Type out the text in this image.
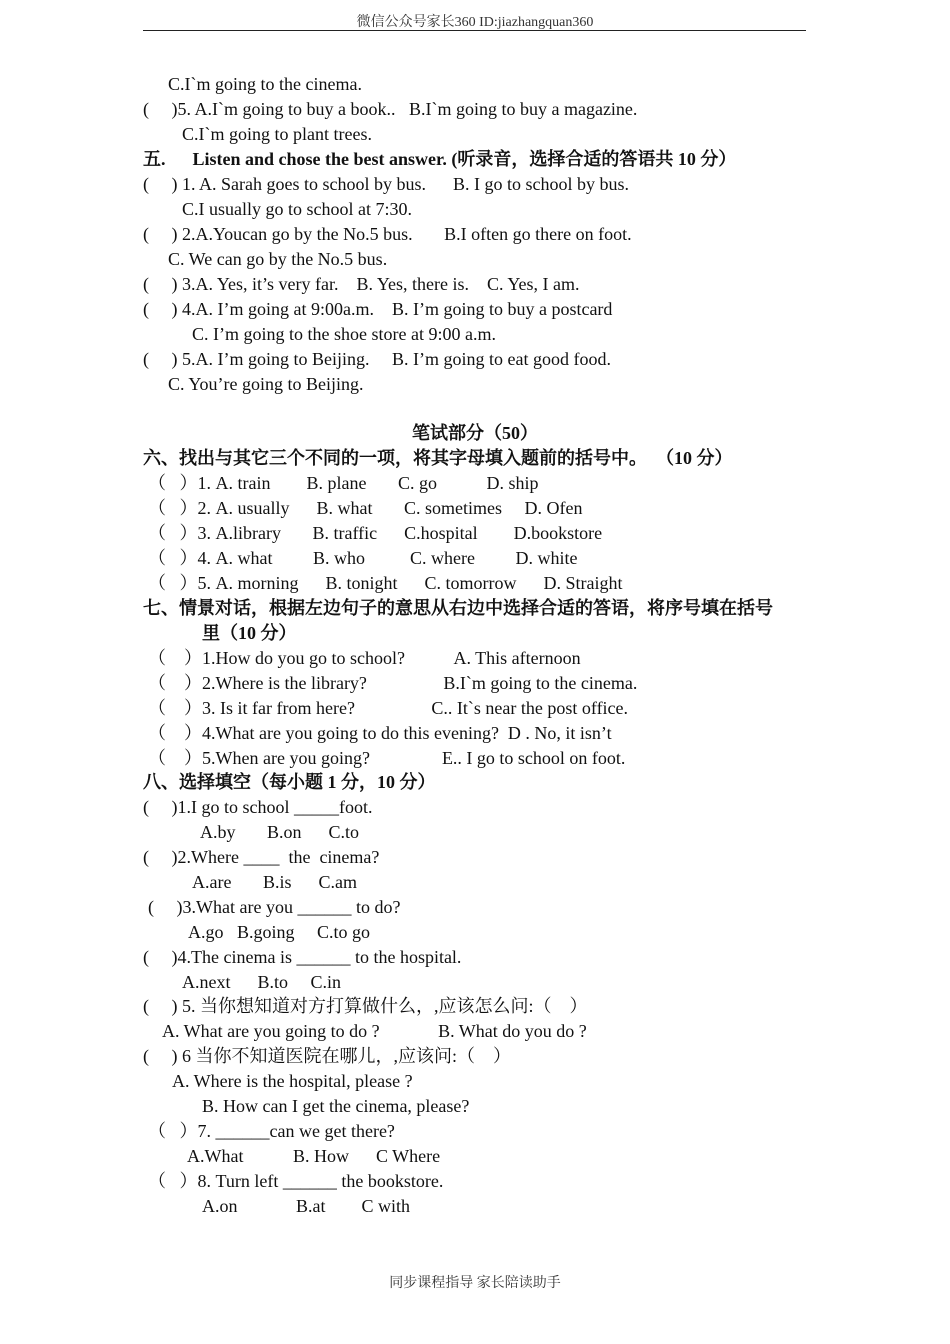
微信公众号家长360 ID:jiazhangquan360
C.I`m going to the cinema.
(     )5. A.I`m going to buy a book..   B.I`m going to buy a magazine.
C.I`m going to plant trees.
五.      Listen and chose the best answer. (听录音，选择合适的答语共 10 分）
(     ) 1. A. Sarah goes to school by bus.      B. I go to school by bus.
C.I usually go to school at 7:30.
(     ) 2.A.Youcan go by the No.5 bus.       B.I often go there on foot.
C. We can go by the No.5 bus.
(     ) 3.A. Yes, it’s very far.    B. Yes, there is.    C. Yes, I am.
(     ) 4.A. I’m going at 9:00a.m.    B. I’m going to buy a postcard
C. I’m going to the shoe store at 9:00 a.m.
(     ) 5.A. I’m going to Beijing.     B. I’m going to eat good food.
C. You’re going to Beijing.
笔试部分（50）
六、找出与其它三个不同的一项，将其字母填入题前的括号中。  （10 分）
（   ）1. A. train        B. plane       C. go           D. ship
（   ）2. A. usually      B. what       C. sometimes     D. Ofen
（   ）3. A.library       B. traffic      C.hospital        D.bookstore
（   ）4. A. what         B. who          C. where         D. white
（   ）5. A. morning      B. tonight      C. tomorrow      D. Straight
七、情景对话，根据左边句子的意思从右边中选择合适的答语，将序号填在括号
里（10 分）
（    ）1.How do you go to school?           A. This afternoon
（    ）2.Where is the library?                 B.I`m going to the cinema.
（    ）3. Is it far from here?                 C.. It`s near the post office.
（    ）4.What are you going to do this evening?  D . No, it isn’t
（    ）5.When are you going?                E.. I go to school on foot.
八、选择填空（每小题 1 分，10 分）
(     )1.I go to school _____foot.
A.by       B.on      C.to
(     )2.Where ____  the  cinema?
A.are       B.is      C.am
(     )3.What are you ______ to do?
A.go   B.going     C.to go
(     )4.The cinema is ______ to the hospital.
A.next      B.to     C.in
(     ) 5. 当你想知道对方打算做什么，,应该怎么问:（    ）
A. What are you going to do ?             B. What do you do ?
(     ) 6 当你不知道医院在哪儿，,应该问:（    ）
A. Where is the hospital, please ?
B. How can I get the cinema, please?
（   ）7. ______can we get there?
A.What           B. How      C Where
（   ）8. Turn left ______ the bookstore.
A.on             B.at        C with
同步课程指导 家长陪读助手
